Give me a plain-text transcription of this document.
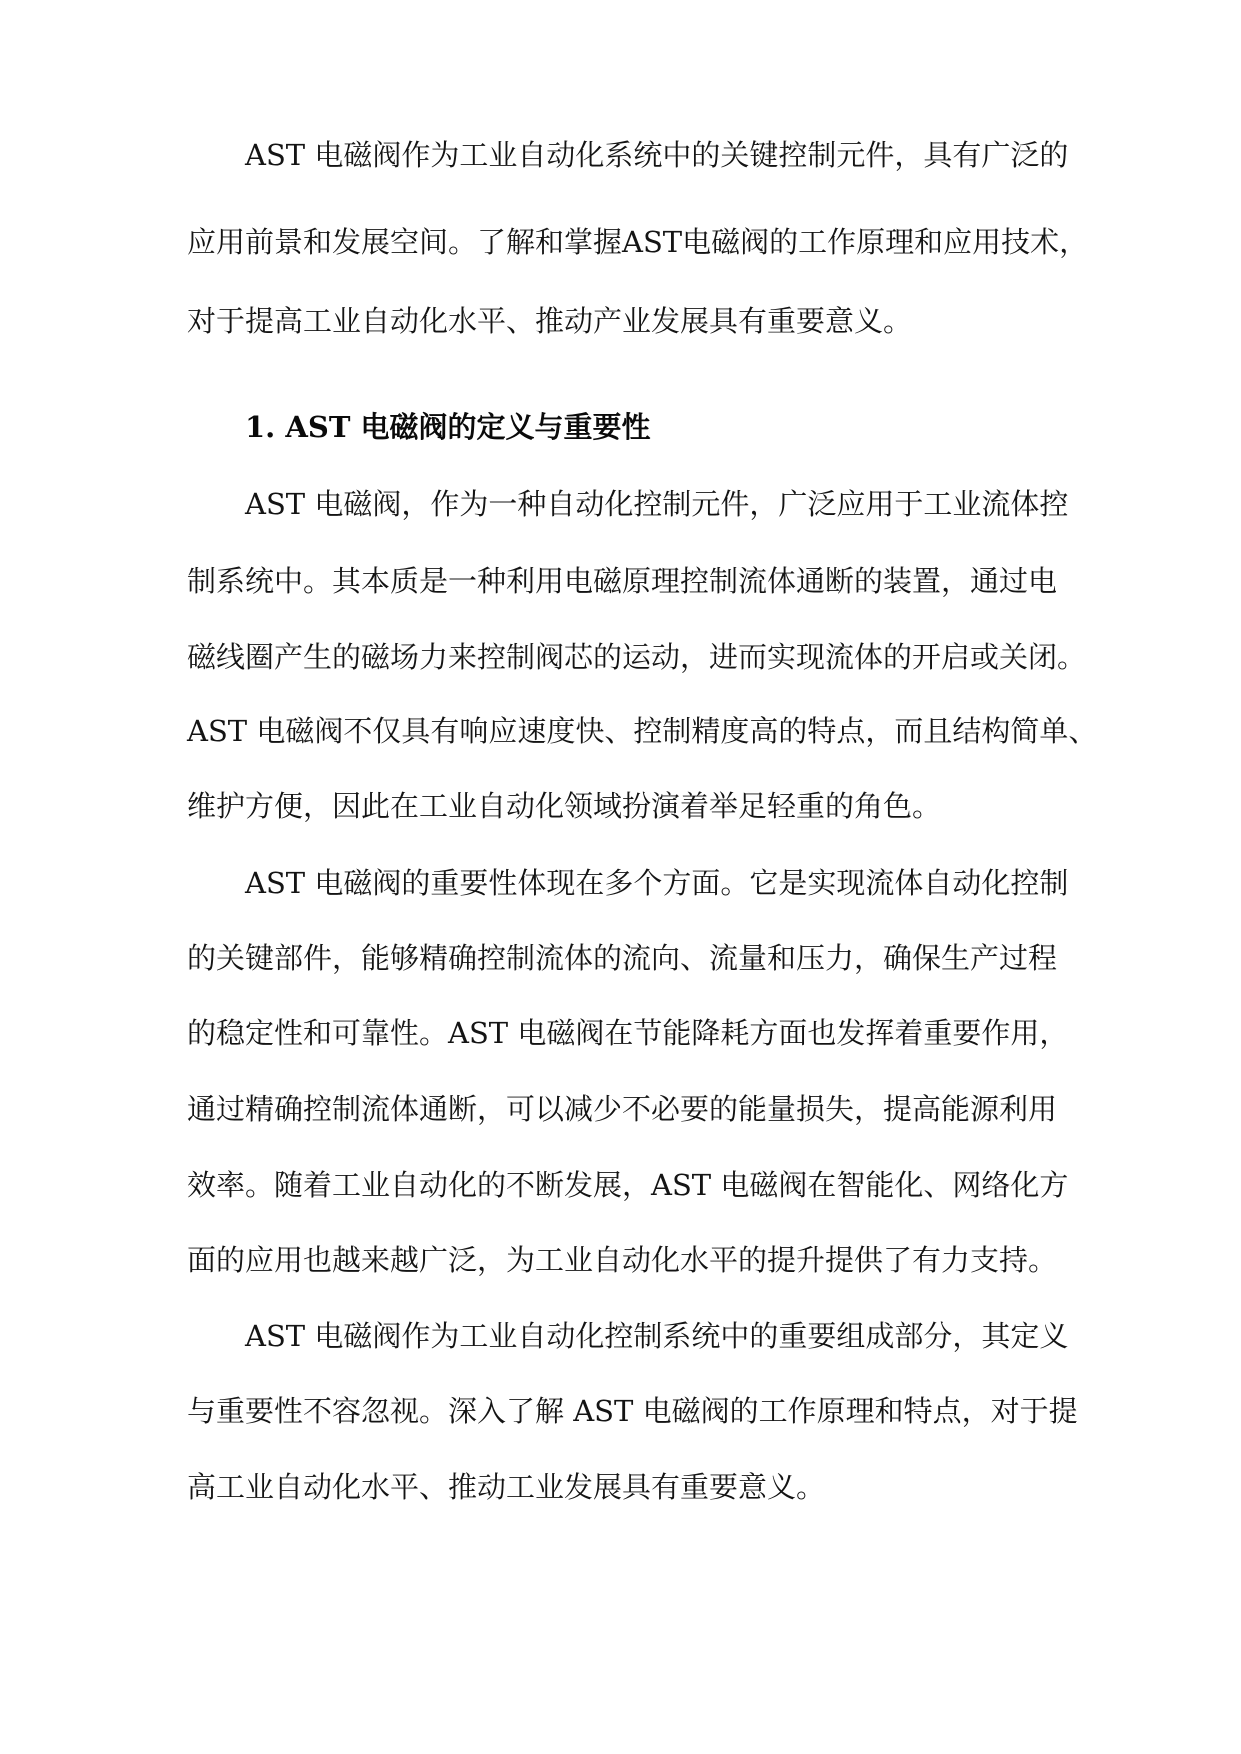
AST 电磁阀作为工业自动化系统中的关键控制元件，具有广泛的

应用前景和发展空间。了解和掌握AST电磁阀的工作原理和应用技术，

对于提高工业自动化水平、推动产业发展具有重要意义。

1. AST 电磁阀的定义与重要性

AST 电磁阀，作为一种自动化控制元件，广泛应用于工业流体控

制系统中。其本质是一种利用电磁原理控制流体通断的装置，通过电

磁线圈产生的磁场力来控制阀芯的运动，进而实现流体的开启或关闭。

AST 电磁阀不仅具有响应速度快、控制精度高的特点，而且结构简单、

维护方便，因此在工业自动化领域扮演着举足轻重的角色。

AST 电磁阀的重要性体现在多个方面。它是实现流体自动化控制

的关键部件，能够精确控制流体的流向、流量和压力，确保生产过程

的稳定性和可靠性。AST 电磁阀在节能降耗方面也发挥着重要作用，

通过精确控制流体通断，可以减少不必要的能量损失，提高能源利用

效率。随着工业自动化的不断发展，AST 电磁阀在智能化、网络化方

面的应用也越来越广泛，为工业自动化水平的提升提供了有力支持。

AST 电磁阀作为工业自动化控制系统中的重要组成部分，其定义

与重要性不容忽视。深入了解 AST 电磁阀的工作原理和特点，对于提

高工业自动化水平、推动工业发展具有重要意义。
